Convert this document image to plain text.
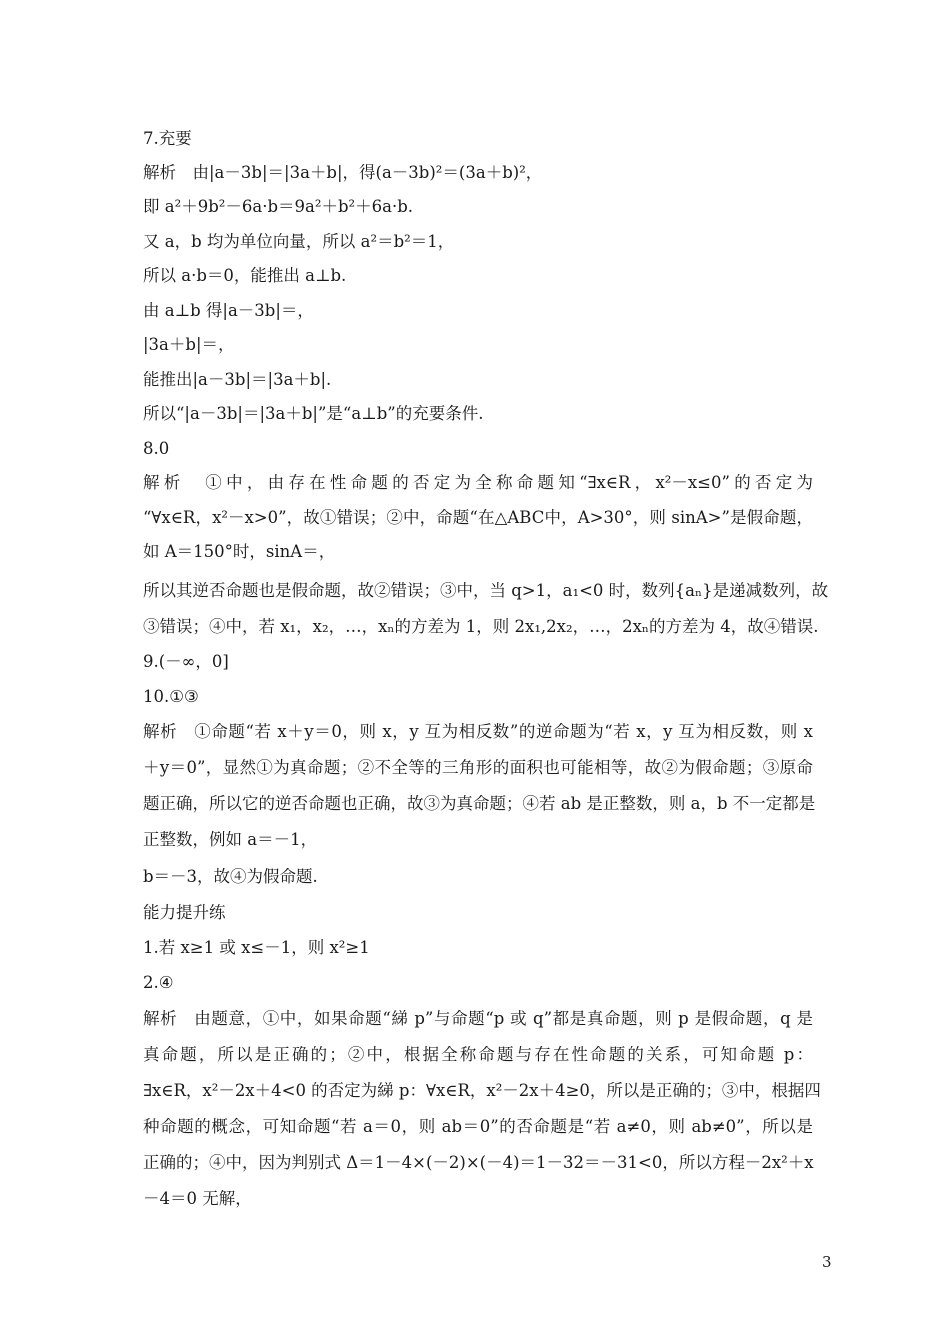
7.充要
解析　由|a－3b|＝|3a＋b|，得(a－3b)²＝(3a＋b)²，
即 a²＋9b²－6a·b＝9a²＋b²＋6a·b.
又 a，b 均为单位向量，所以 a²＝b²＝1，
所以 a·b＝0，能推出 a⊥b.
由 a⊥b 得|a－3b|＝，
|3a＋b|＝，
能推出|a－3b|＝|3a＋b|.
所以“|a－3b|＝|3a＋b|”是“a⊥b”的充要条件.
8.0
解析　①中，由存在性命题的否定为全称命题知“∃x∈R，x²－x≤0”的否定为
“∀x∈R，x²－x>0”，故①错误；②中，命题“在△ABC中，A>30°，则 sinA>”是假命题，
如 A＝150°时，sinA＝，
所以其逆否命题也是假命题，故②错误；③中，当 q>1，a₁<0 时，数列{aₙ}是递减数列，故
③错误；④中，若 x₁，x₂，…，xₙ的方差为 1，则 2x₁,2x₂，…，2xₙ的方差为 4，故④错误.
9.(－∞，0]
10.①③
解析　①命题“若 x＋y＝0，则 x，y 互为相反数”的逆命题为“若 x，y 互为相反数，则 x
＋y＝0”，显然①为真命题；②不全等的三角形的面积也可能相等，故②为假命题；③原命
题正确，所以它的逆否命题也正确，故③为真命题；④若 ab 是正整数，则 a，b 不一定都是
正整数，例如 a＝－1，
b＝－3，故④为假命题.
能力提升练
1.若 x≥1 或 x≤－1，则 x²≥1
2.④
解析　由题意，①中，如果命题“綈 p”与命题“p 或 q”都是真命题，则 p 是假命题，q 是
真命题，所以是正确的；②中，根据全称命题与存在性命题的关系，可知命题 p：
∃x∈R，x²－2x＋4<0 的否定为綈 p：∀x∈R，x²－2x＋4≥0，所以是正确的；③中，根据四
种命题的概念，可知命题“若 a＝0，则 ab＝0”的否命题是“若 a≠0，则 ab≠0”，所以是
正确的；④中，因为判别式 Δ＝1－4×(－2)×(－4)＝1－32＝－31<0，所以方程－2x²＋x
－4＝0 无解，
3
